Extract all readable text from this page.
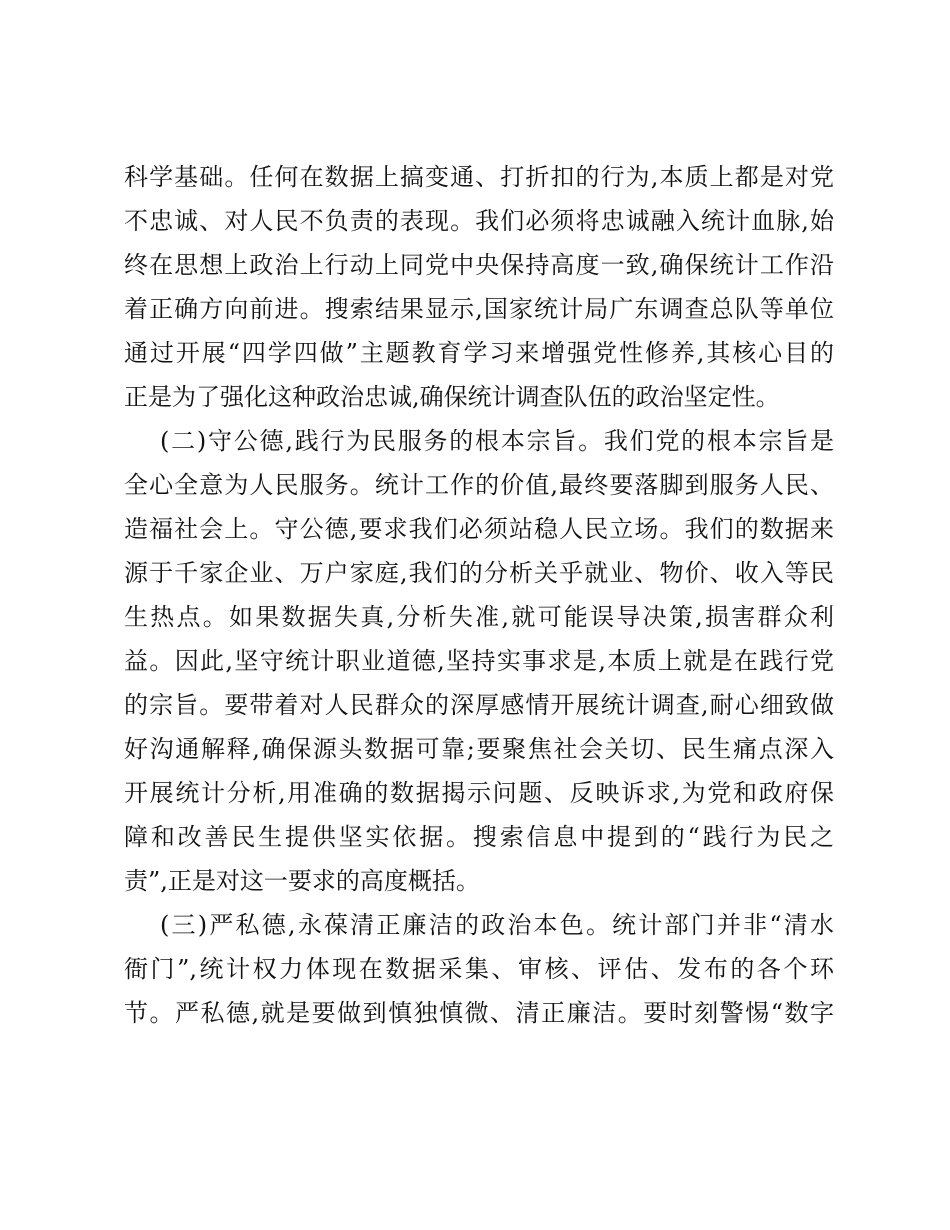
科学基础。任何在数据上搞变通、打折扣的行为,本质上都是对党
不忠诚、对人民不负责的表现。我们必须将忠诚融入统计血脉,始
终在思想上政治上行动上同党中央保持高度一致,确保统计工作沿
着正确方向前进。搜索结果显示,国家统计局广东调查总队等单位
通过开展“四学四做”主题教育学习来增强党性修养,其核心目的
正是为了强化这种政治忠诚,确保统计调查队伍的政治坚定性。
(二)守公德,践行为民服务的根本宗旨。我们党的根本宗旨是
全心全意为人民服务。统计工作的价值,最终要落脚到服务人民、
造福社会上。守公德,要求我们必须站稳人民立场。我们的数据来
源于千家企业、万户家庭,我们的分析关乎就业、物价、收入等民
生热点。如果数据失真,分析失准,就可能误导决策,损害群众利
益。因此,坚守统计职业道德,坚持实事求是,本质上就是在践行党
的宗旨。要带着对人民群众的深厚感情开展统计调查,耐心细致做
好沟通解释,确保源头数据可靠;要聚焦社会关切、民生痛点深入
开展统计分析,用准确的数据揭示问题、反映诉求,为党和政府保
障和改善民生提供坚实依据。搜索信息中提到的“践行为民之
责”,正是对这一要求的高度概括。
(三)严私德,永葆清正廉洁的政治本色。统计部门并非“清水
衙门”,统计权力体现在数据采集、审核、评估、发布的各个环
节。严私德,就是要做到慎独慎微、清正廉洁。要时刻警惕“数字
